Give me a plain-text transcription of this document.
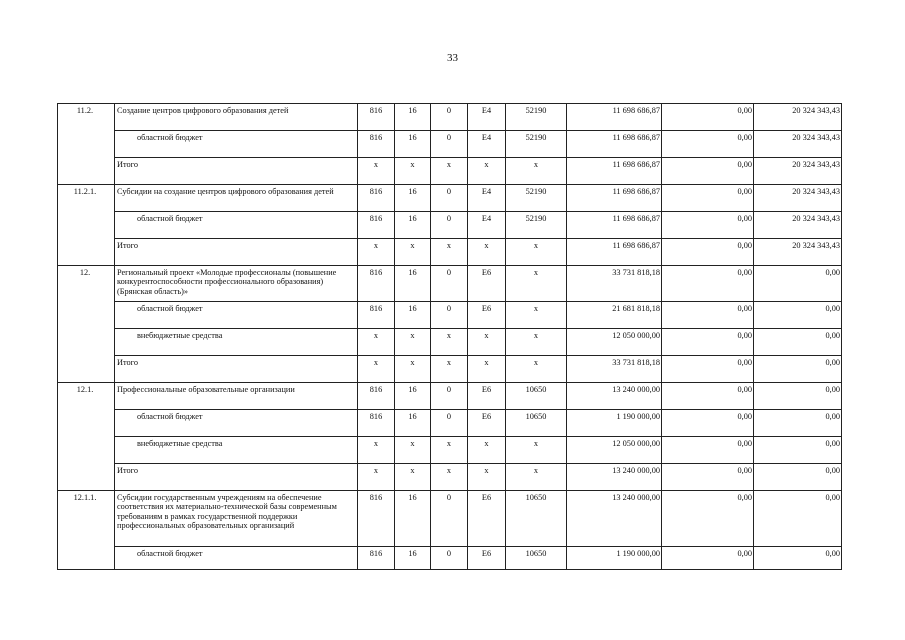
33
11.2.	Создание центров цифрового образования детей	816	16	0	E4	52190	11 698 686,87	0,00	20 324 343,43
	областной бюджет	816	16	0	E4	52190	11 698 686,87	0,00	20 324 343,43
	Итого	x	x	x	x	x	11 698 686,87	0,00	20 324 343,43
11.2.1.	Субсидии на создание центров цифрового образования детей	816	16	0	E4	52190	11 698 686,87	0,00	20 324 343,43
	областной бюджет	816	16	0	E4	52190	11 698 686,87	0,00	20 324 343,43
	Итого	x	x	x	x	x	11 698 686,87	0,00	20 324 343,43
12.	Региональный проект «Молодые профессионалы (повышение конкурентоспособности профессионального образования) (Брянская область)»	816	16	0	E6	x	33 731 818,18	0,00	0,00
	областной бюджет	816	16	0	E6	x	21 681 818,18	0,00	0,00
	внебюджетные средства	x	x	x	x	x	12 050 000,00	0,00	0,00
	Итого	x	x	x	x	x	33 731 818,18	0,00	0,00
12.1.	Профессиональные образовательные организации	816	16	0	E6	10650	13 240 000,00	0,00	0,00
	областной бюджет	816	16	0	E6	10650	1 190 000,00	0,00	0,00
	внебюджетные средства	x	x	x	x	x	12 050 000,00	0,00	0,00
	Итого	x	x	x	x	x	13 240 000,00	0,00	0,00
12.1.1.	Субсидии государственным учреждениям на обеспечение соответствия их материально-технической базы современным требованиям в рамках государственной поддержки профессиональных образовательных организаций	816	16	0	E6	10650	13 240 000,00	0,00	0,00
	областной бюджет	816	16	0	E6	10650	1 190 000,00	0,00	0,00
